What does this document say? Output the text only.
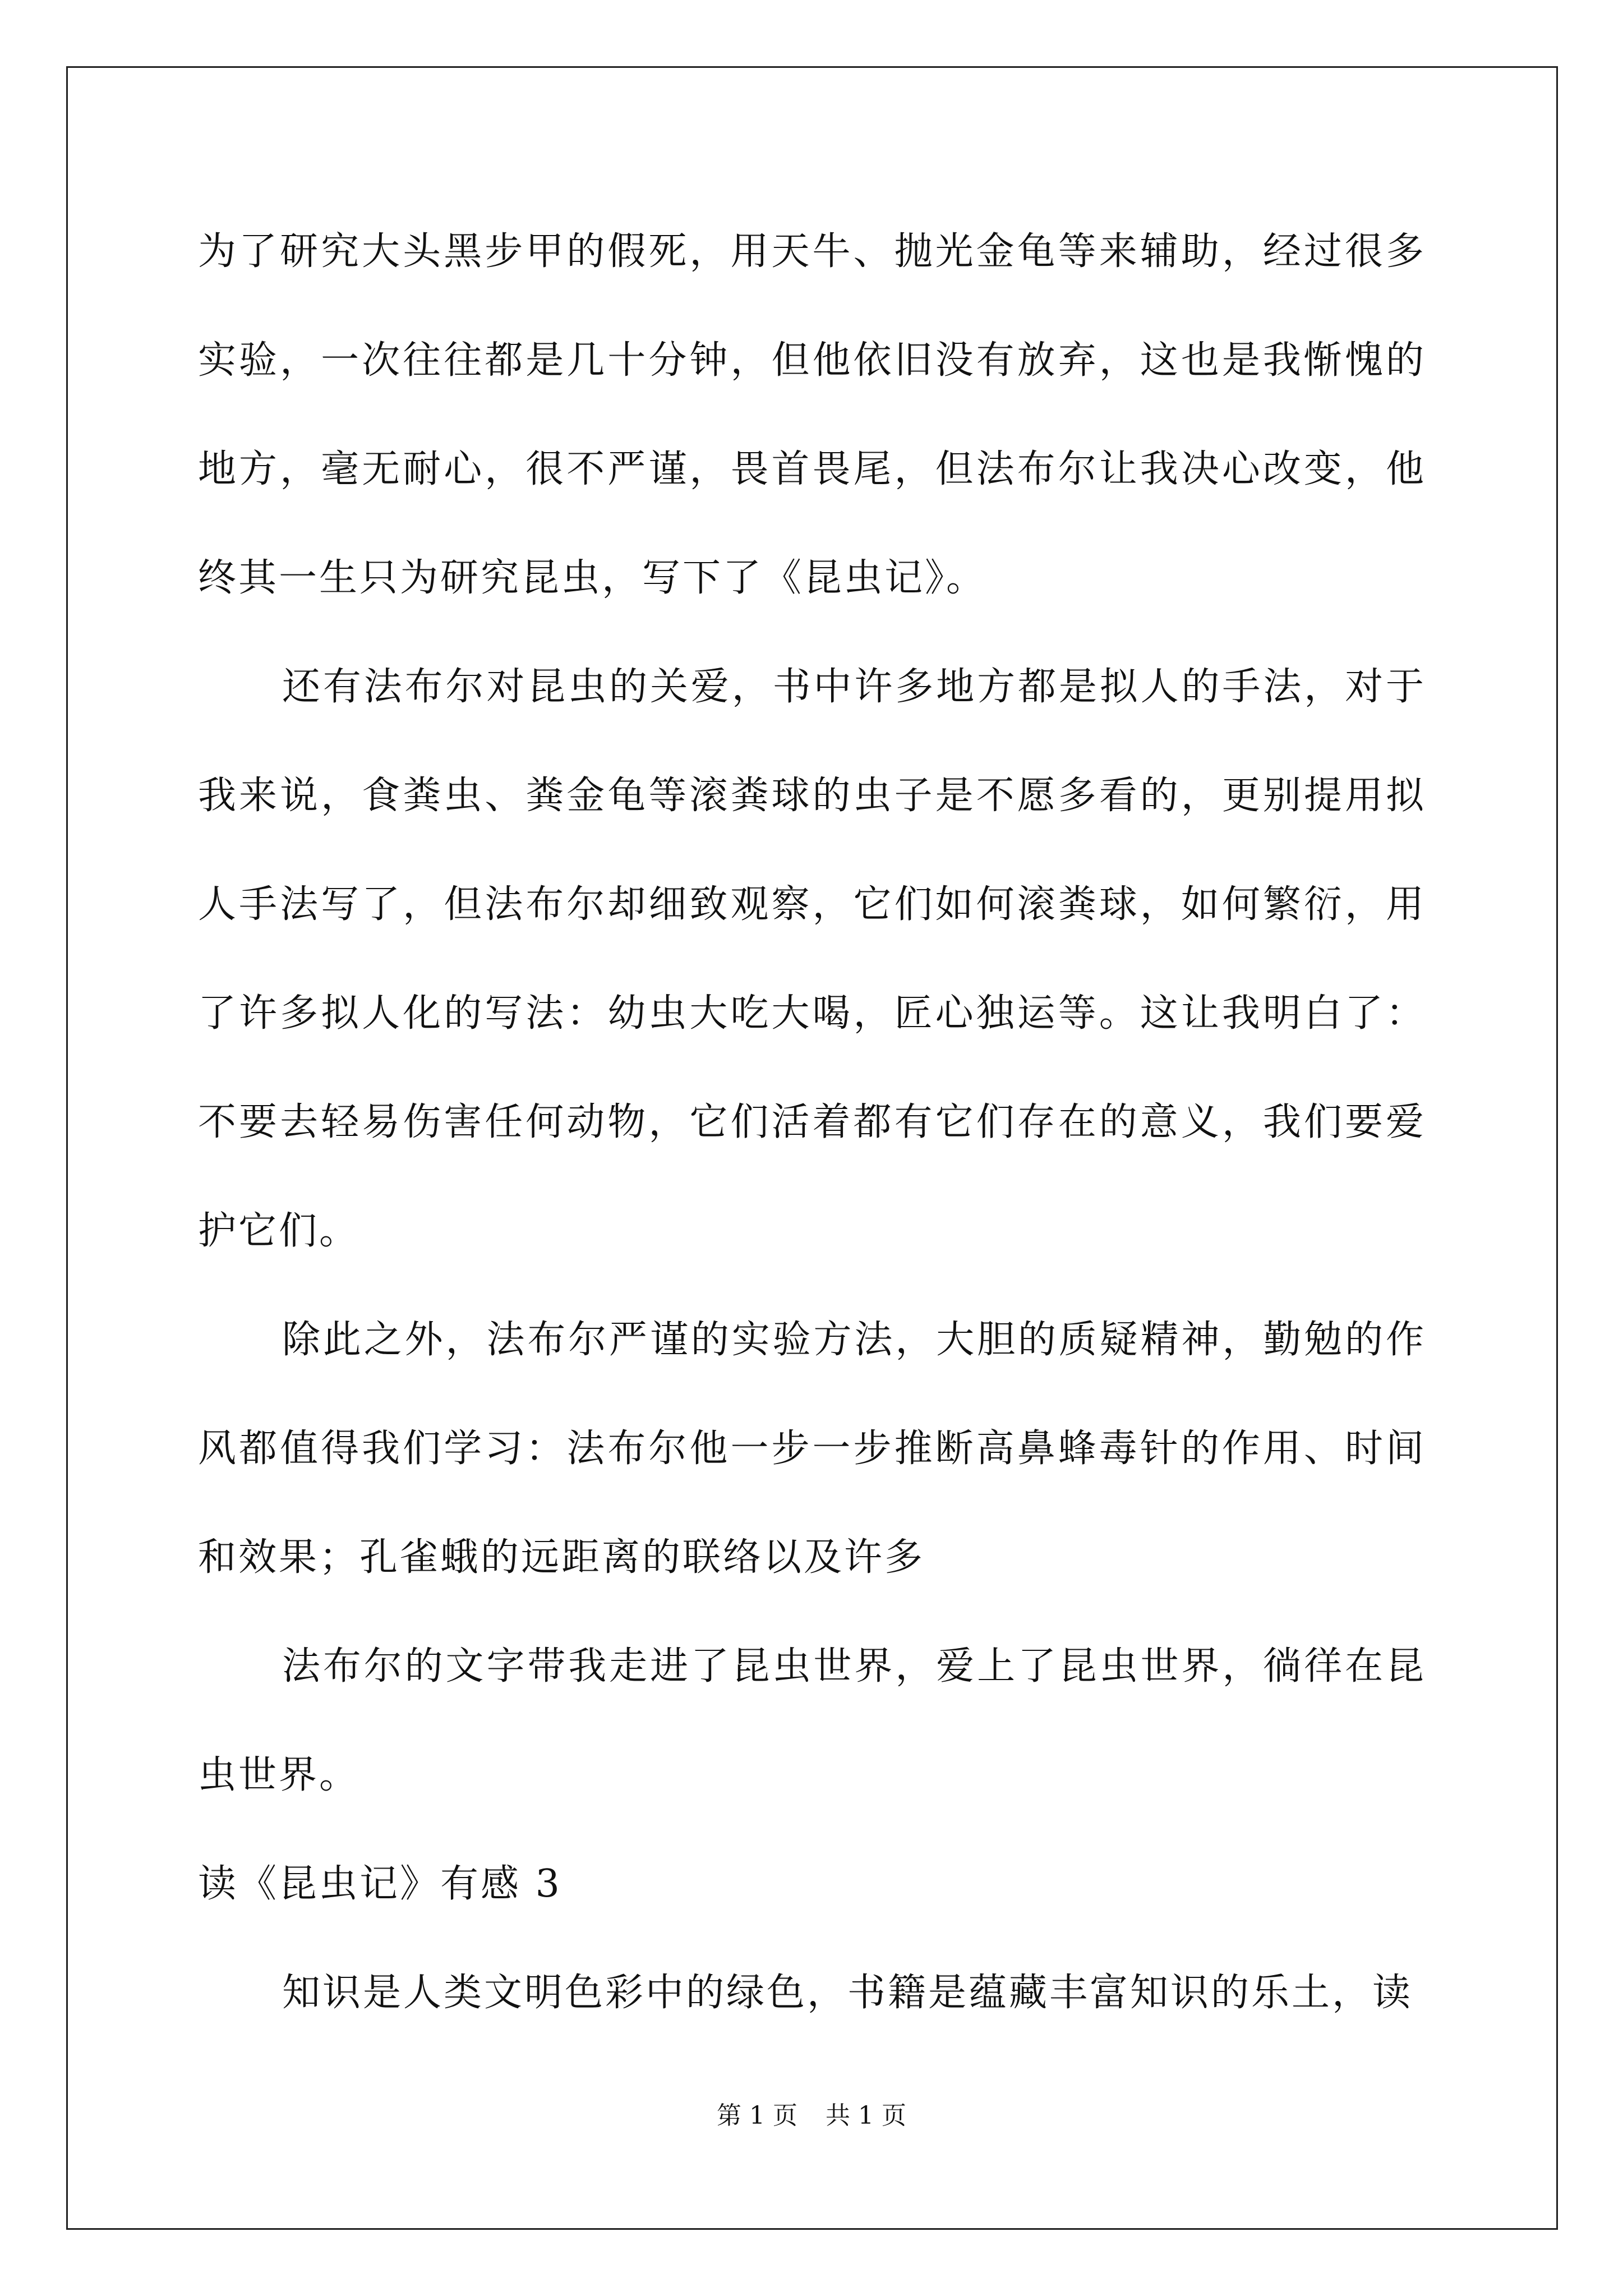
为了研究大头黑步甲的假死，用天牛、抛光金龟等来辅助，经过很多实验，一次往往都是几十分钟，但他依旧没有放弃，这也是我惭愧的地方，毫无耐心，很不严谨，畏首畏尾，但法布尔让我决心改变，他终其一生只为研究昆虫，写下了《昆虫记》。

还有法布尔对昆虫的关爱，书中许多地方都是拟人的手法，对于我来说，食粪虫、粪金龟等滚粪球的虫子是不愿多看的，更别提用拟人手法写了，但法布尔却细致观察，它们如何滚粪球，如何繁衍，用了许多拟人化的写法：幼虫大吃大喝，匠心独运等。这让我明白了：不要去轻易伤害任何动物，它们活着都有它们存在的意义，我们要爱护它们。

除此之外，法布尔严谨的实验方法，大胆的质疑精神，勤勉的作风都值得我们学习：法布尔他一步一步推断高鼻蜂毒针的作用、时间和效果；孔雀蛾的远距离的联络以及许多

法布尔的文字带我走进了昆虫世界，爱上了昆虫世界，徜徉在昆虫世界。

读《昆虫记》有感 3

知识是人类文明色彩中的绿色，书籍是蕴藏丰富知识的乐土，读

第 1 页 共 1 页
